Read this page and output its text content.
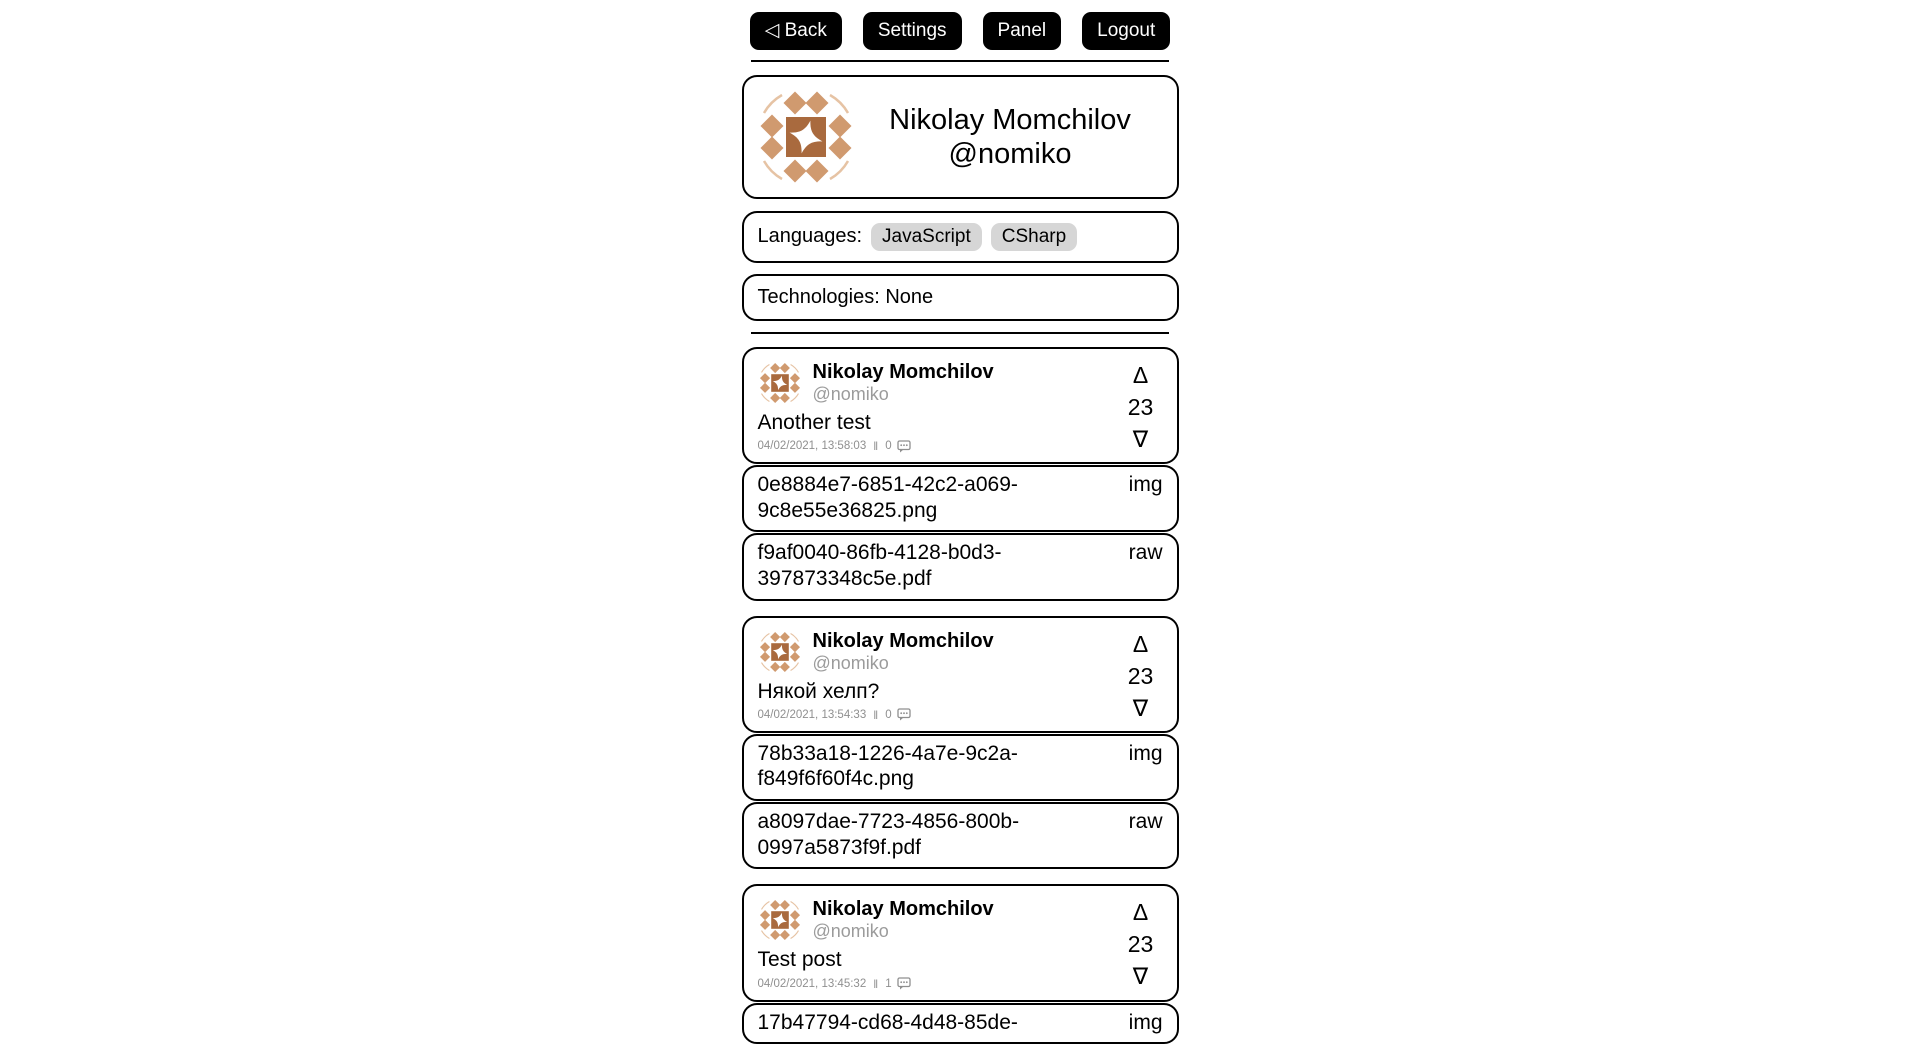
◁ Back	Settings	Panel	Logout
Nikolay Momchilov
@nomiko
Languages:	JavaScript	CSharp
Technologies: None
Nikolay Momchilov
@nomiko
Another test
04/02/2021, 13:58:03 ‖ 0
Δ
23
∇
0e8884e7-6851-42c2-a069-9c8e55e36825.png
img
f9af0040-86fb-4128-b0d3-397873348c5e.pdf
raw
Nikolay Momchilov
@nomiko
Някой хелп?
04/02/2021, 13:54:33 ‖ 0
Δ
23
∇
78b33a18-1226-4a7e-9c2a-f849f6f60f4c.png
img
a8097dae-7723-4856-800b-0997a5873f9f.pdf
raw
Nikolay Momchilov
@nomiko
Test post
04/02/2021, 13:45:32 ‖ 1
Δ
23
∇
17b47794-cd68-4d48-85de-	img
